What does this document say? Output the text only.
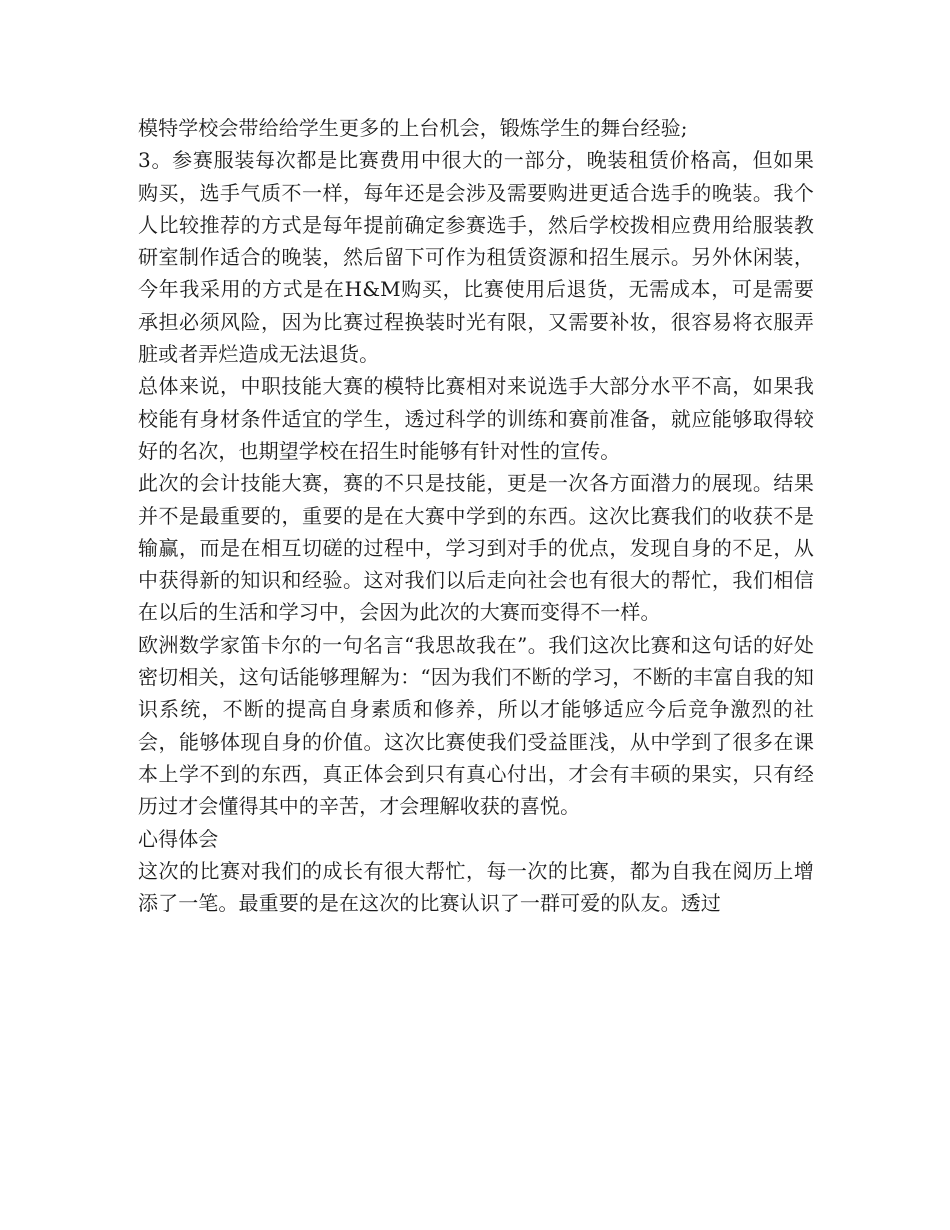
模特学校会带给给学生更多的上台机会，锻炼学生的舞台经验;

3。参赛服装每次都是比赛费用中很大的一部分，晚装租赁价格高，但如果购买，选手气质不一样，每年还是会涉及需要购进更适合选手的晚装。我个人比较推荐的方式是每年提前确定参赛选手，然后学校拨相应费用给服装教研室制作适合的晚装，然后留下可作为租赁资源和招生展示。另外休闲装，今年我采用的方式是在H&M购买，比赛使用后退货，无需成本，可是需要承担必须风险，因为比赛过程换装时光有限，又需要补妆，很容易将衣服弄脏或者弄烂造成无法退货。

总体来说，中职技能大赛的模特比赛相对来说选手大部分水平不高，如果我校能有身材条件适宜的学生，透过科学的训练和赛前准备，就应能够取得较好的名次，也期望学校在招生时能够有针对性的宣传。

此次的会计技能大赛，赛的不只是技能，更是一次各方面潜力的展现。结果并不是最重要的，重要的是在大赛中学到的东西。这次比赛我们的收获不是输赢，而是在相互切磋的过程中，学习到对手的优点，发现自身的不足，从中获得新的知识和经验。这对我们以后走向社会也有很大的帮忙，我们相信在以后的生活和学习中，会因为此次的大赛而变得不一样。

欧洲数学家笛卡尔的一句名言“我思故我在”。我们这次比赛和这句话的好处密切相关，这句话能够理解为：“因为我们不断的学习，不断的丰富自我的知识系统，不断的提高自身素质和修养，所以才能够适应今后竞争激烈的社会，能够体现自身的价值。这次比赛使我们受益匪浅，从中学到了很多在课本上学不到的东西，真正体会到只有真心付出，才会有丰硕的果实，只有经历过才会懂得其中的辛苦，才会理解收获的喜悦。

心得体会

这次的比赛对我们的成长有很大帮忙，每一次的比赛，都为自我在阅历上增添了一笔。最重要的是在这次的比赛认识了一群可爱的队友。透过
